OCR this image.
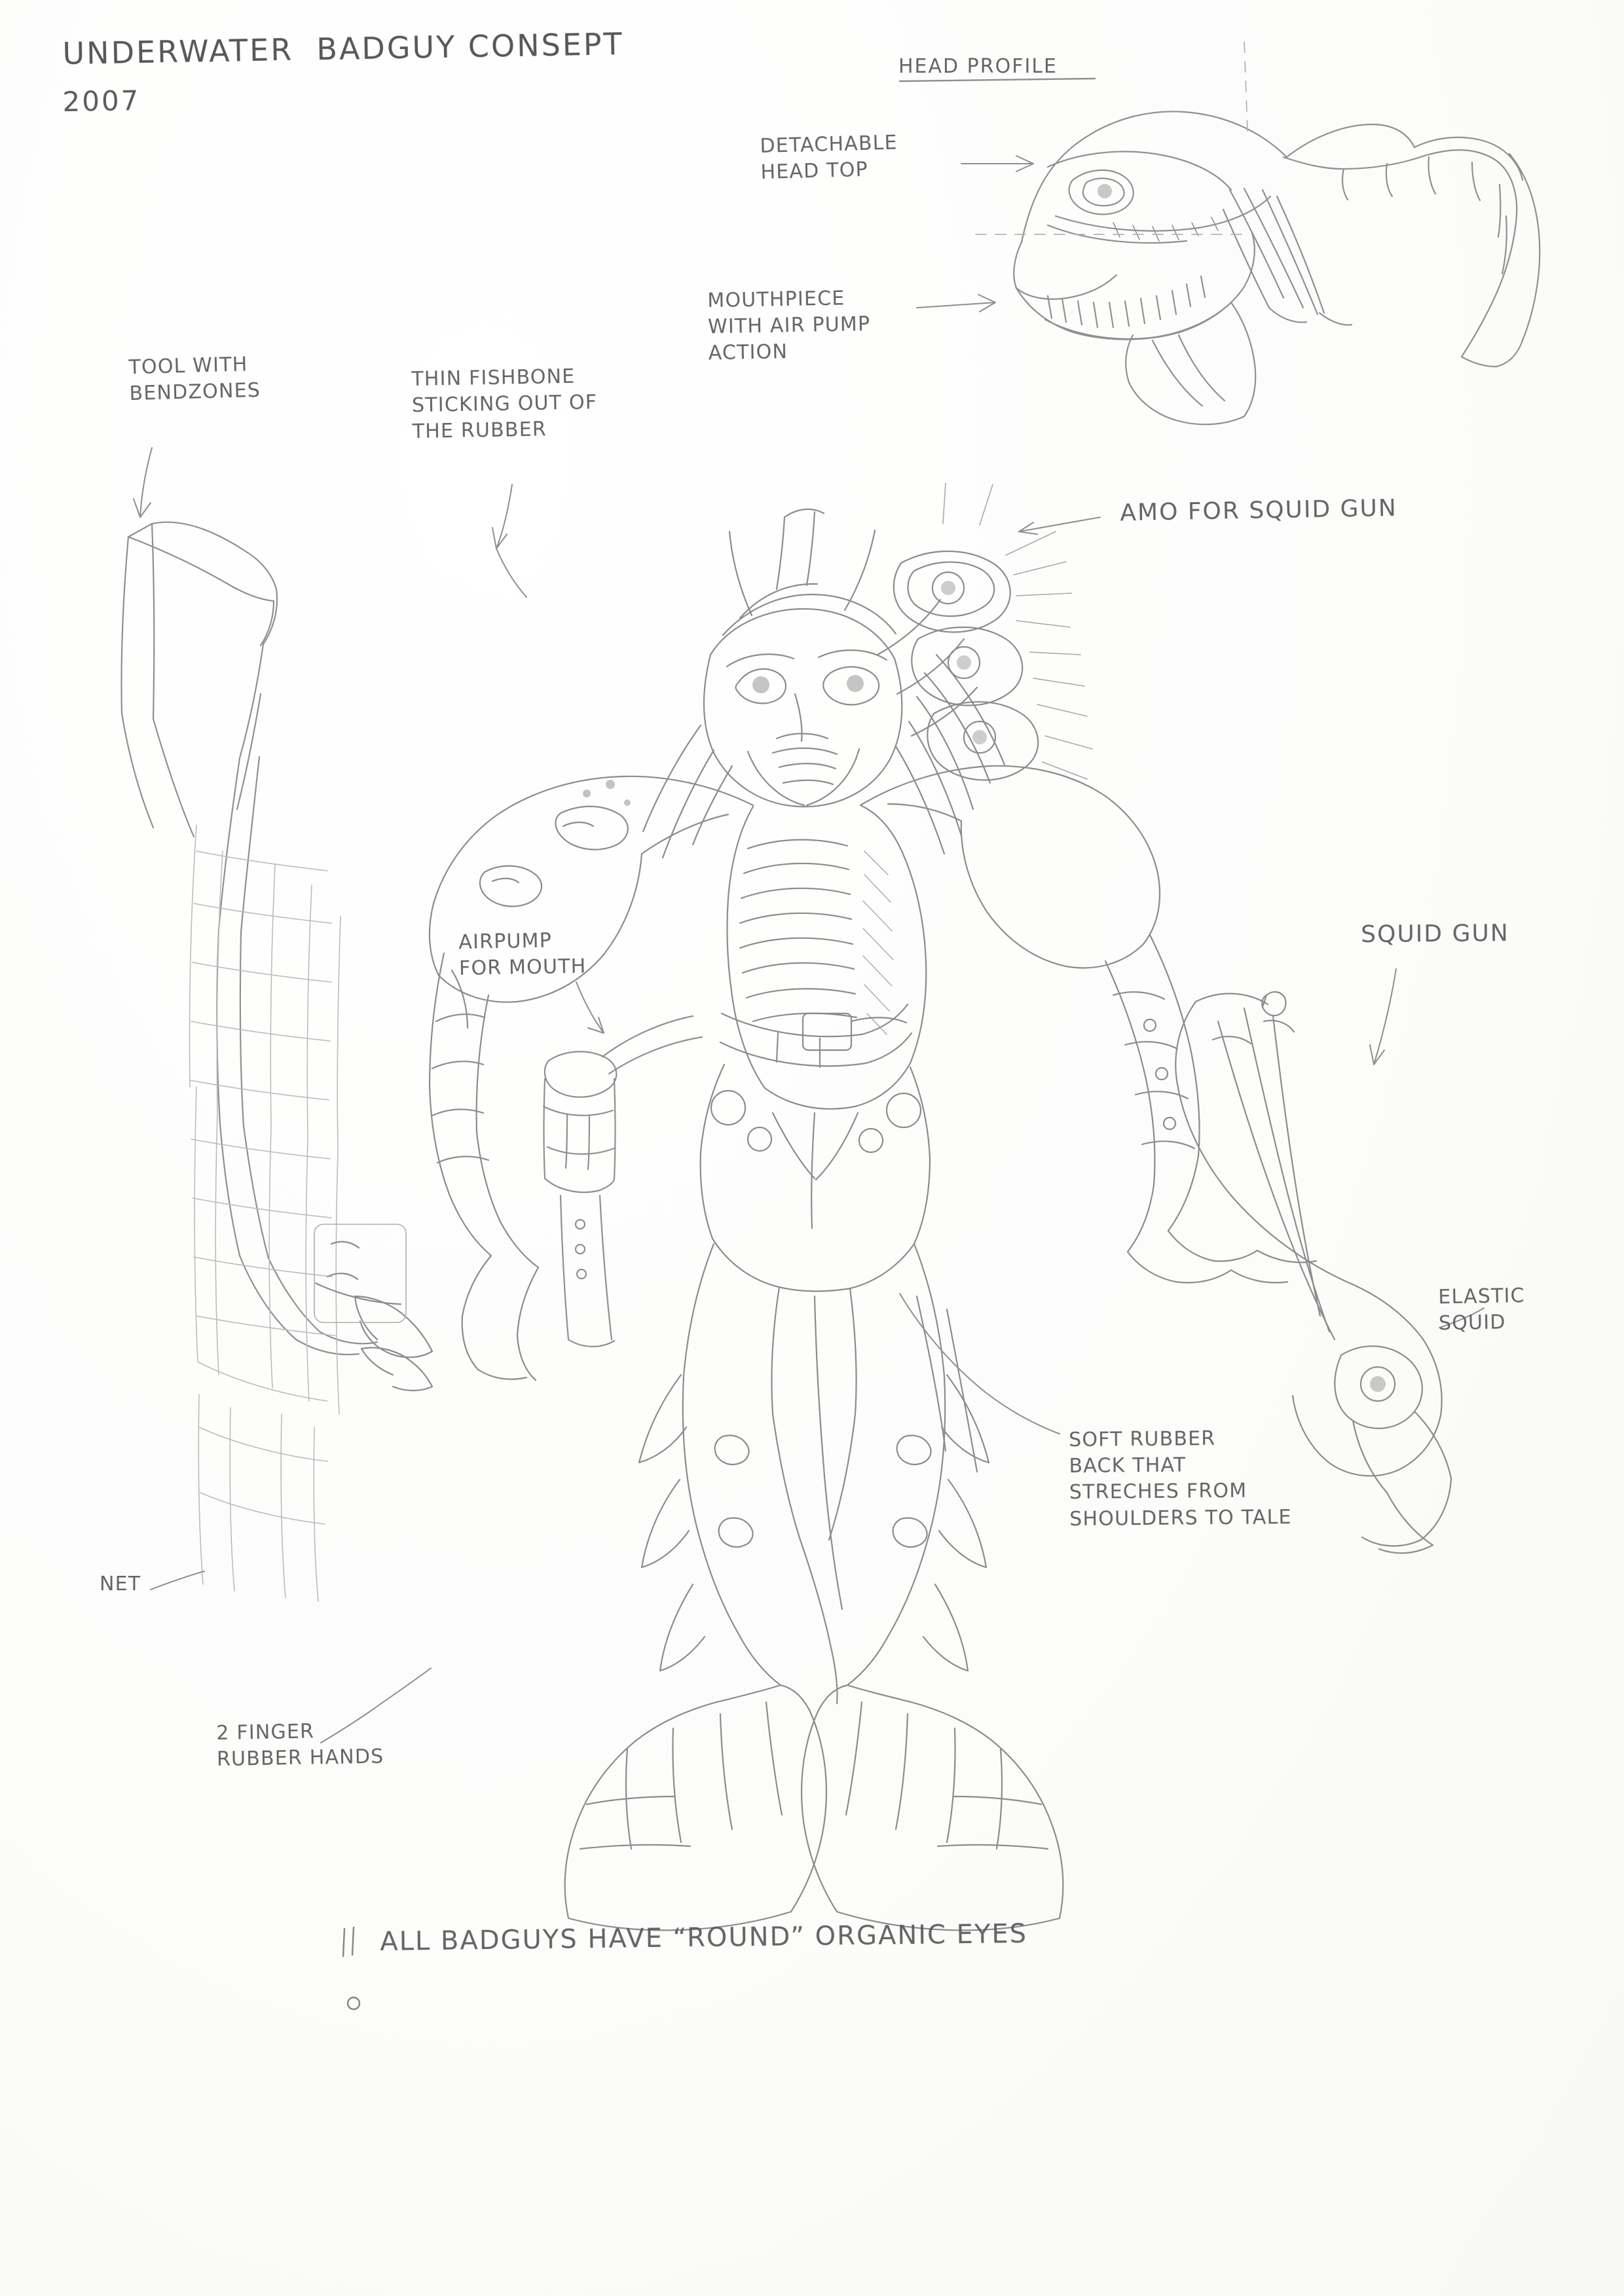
UNDERWATER  BADGUY CONSEPT
2007
HEAD PROFILE
DETACHABLE
HEAD TOP
MOUTHPIECE
WITH AIR PUMP
ACTION
TOOL WITH
BENDZONES
THIN FISHBONE
STICKING OUT OF
THE RUBBER
AMO FOR SQUID GUN
SQUID GUN
AIRPUMP
FOR MOUTH
ELASTIC
SQUID
SOFT RUBBER
BACK THAT
STRECHES FROM
SHOULDERS TO TALE
NET
2 FINGER
RUBBER HANDS
ALL BADGUYS HAVE “ROUND” ORGANIC EYES
